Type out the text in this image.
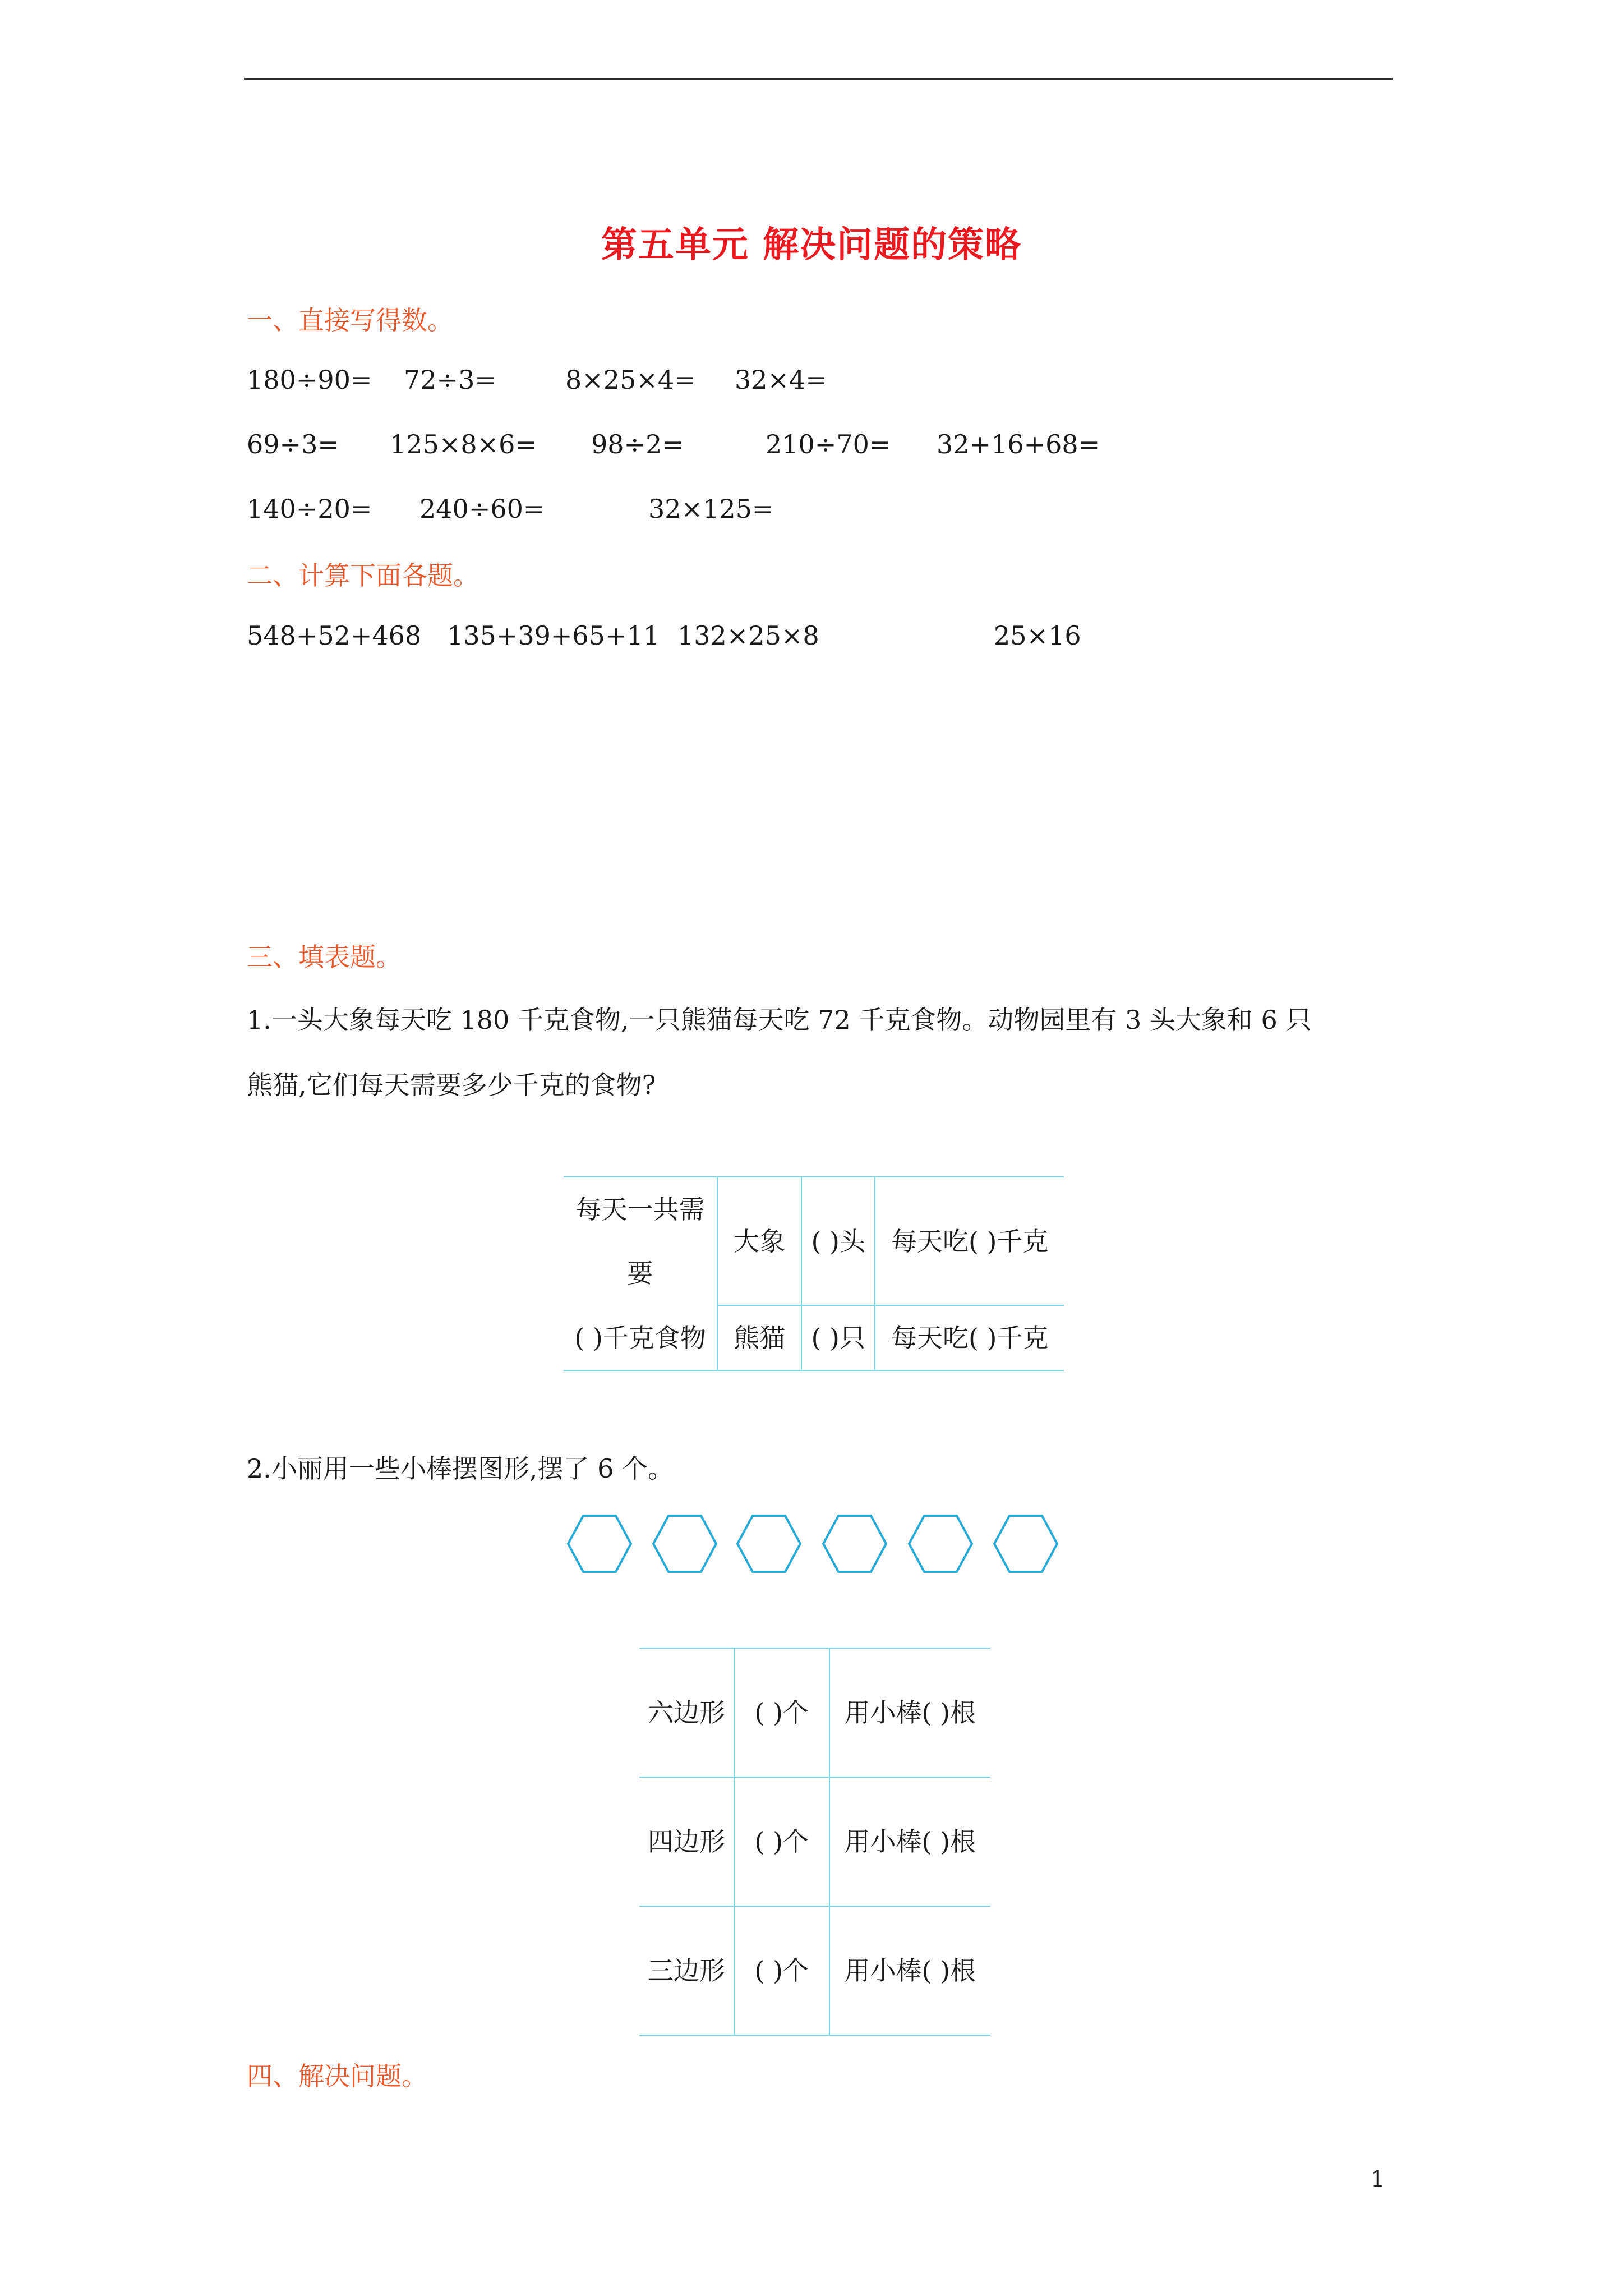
第五单元 解决问题的策略
一、直接写得数。
180÷90= 72÷3=	8×25×4= 32×4=
69÷3= 125×8×6= 98÷2=	210÷70= 32+16+68=
140÷20= 240÷60=	32×125=
二、计算下面各题。
548+52+468 135+39+65+11 132×25×8	25×16
三、填表题。
1.一头大象每天吃 180 千克食物,一只熊猫每天吃 72 千克食物。动物园里有 3 头大象和 6 只
熊猫,它们每天需要多少千克的食物?
每天一共需要	大象	( )头	每天吃( )千克
( )千克食物	熊猫	( )只	每天吃( )千克
2.小丽用一些小棒摆图形,摆了 6 个。
六边形	( )个	用小棒( )根
四边形	( )个	用小棒( )根
三边形	( )个	用小棒( )根
四、解决问题。
1
